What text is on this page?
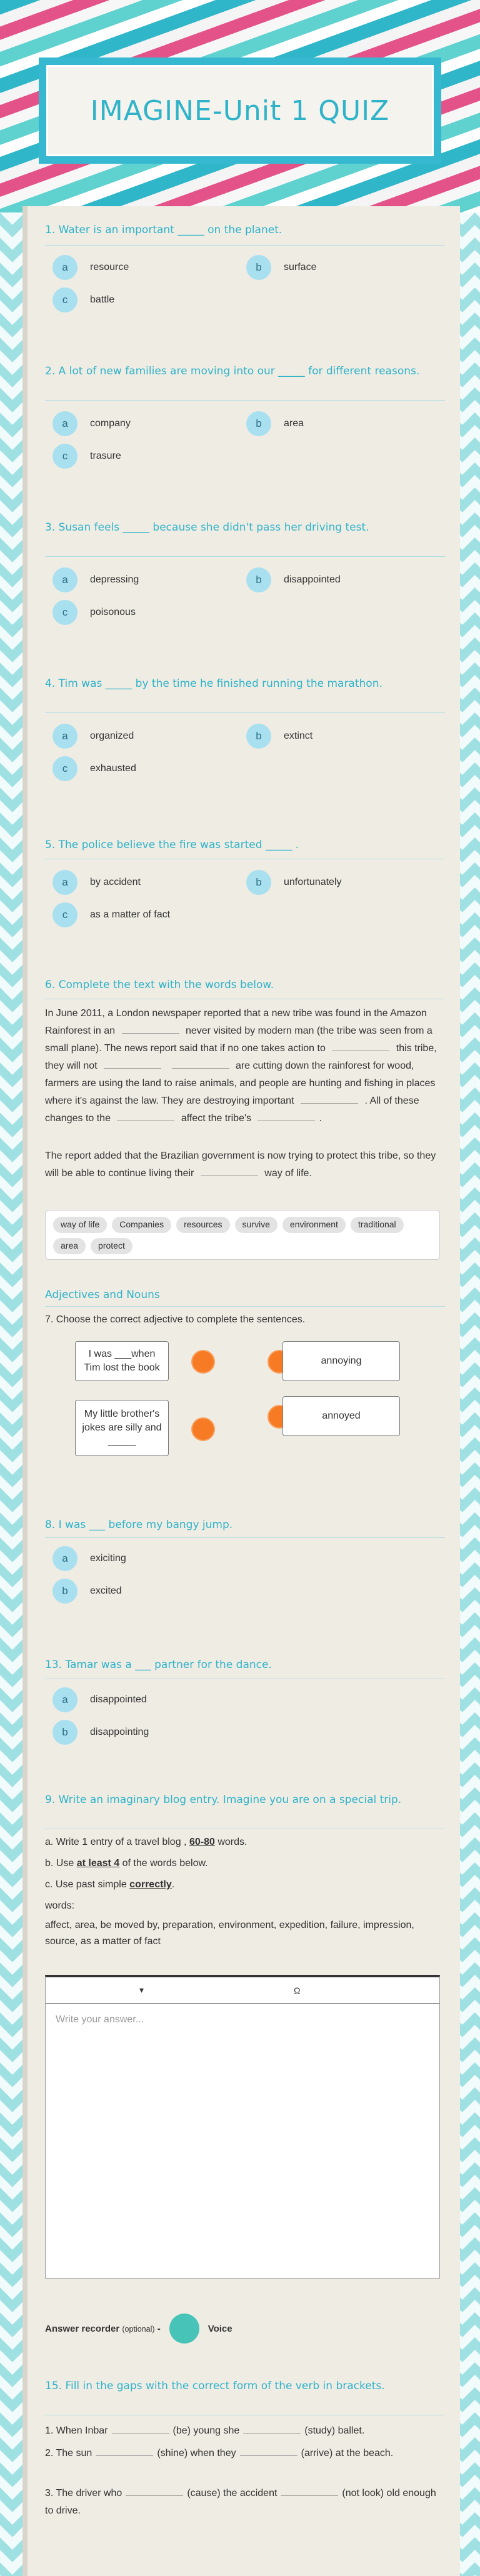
IMAGINE-Unit 1 QUIZ
1. Water is an important _____ on the planet.
a	resource	b	surface
c	battle
2. A lot of new families are moving into our _____ for different reasons.
a	company	b	area
c	trasure
3. Susan feels _____ because she didn't pass her driving test.
a	depressing	b	disappointed
c	poisonous
4. Tim was _____ by the time he finished running the marathon.
a	organized	b	extinct
c	exhausted
5. The police believe the fire was started _____ .
a	by accident	b	unfortunately
c	as a matter of fact
6. Complete the text with the words below.
In June 2011, a London newspaper reported that a new tribe was found in the Amazon Rainforest in an	never visited by modern man (the tribe was seen from a small plane). The news report said that if no one takes action to	this tribe, they will not	are cutting down the rainforest for wood, farmers are using the land to raise animals, and people are hunting and fishing in places where it's against the law. They are destroying important	. All of these changes to the	affect the tribe's	.
The report added that the Brazilian government is now trying to protect this tribe, so they will be able to continue living their	way of life.
way of life	Companies	resources	survive	environment	traditional
area	protect
Adjectives and Nouns
7. Choose the correct adjective to complete the sentences.
I was ___when Tim lost the book
annoying
My little brother's jokes are silly and _____
annoyed
8. I was ___ before my bangy jump.
a	exiciting
b	excited
13. Tamar was a ___ partner for the dance.
a	disappointed
b	disappointing
9. Write an imaginary blog entry. Imagine you are on a special trip.
a. Write 1 entry of a travel blog , 60-80 words.
b. Use at least 4 of the words below.
c. Use past simple correctly.
words:
affect, area, be moved by, preparation, environment, expedition, failure, impression, source, as a matter of fact
▾	Ω
Write your answer...
Answer recorder (optional) -	Voice
15. Fill in the gaps with the correct form of the verb in brackets.
1. When Inbar	(be) young she	(study) ballet.
2. The sun	(shine) when they	(arrive) at the beach.
3. The driver who	(cause) the accident	(not look) old enough to drive.
